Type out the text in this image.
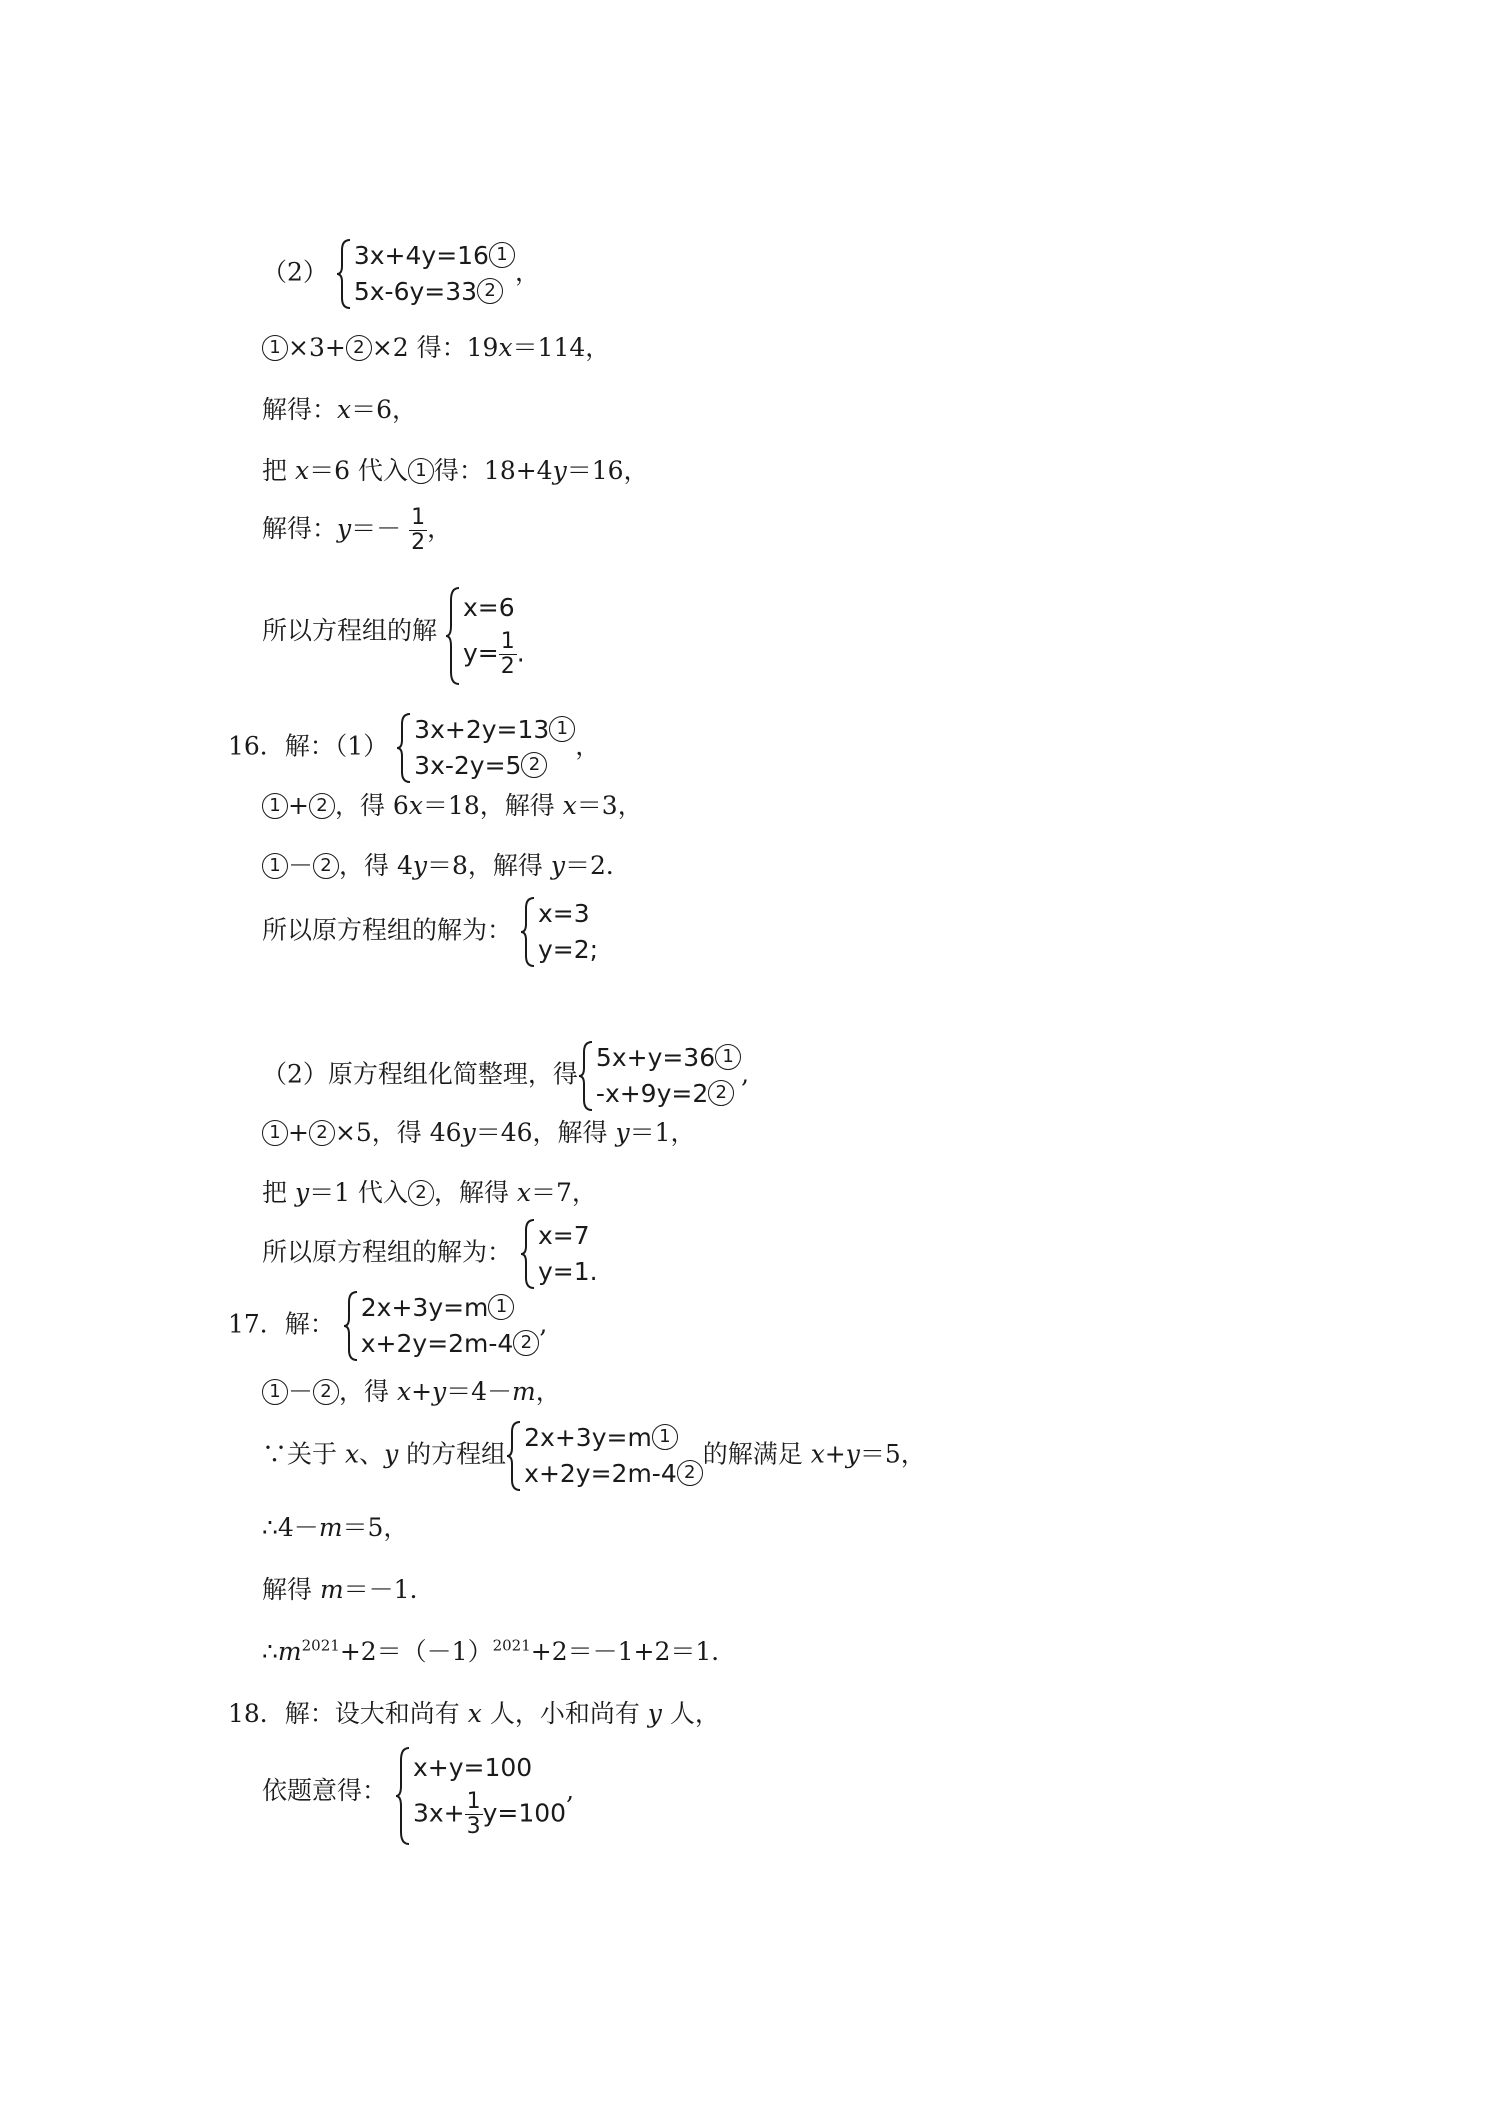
（2）
3x+4y=16 1
5x-6y=33 2
，
1 ×3+ 2 ×2 得：19x＝114，
解得：x＝6，
把 x＝6 代入 1 得：18+4y＝16，
解得：$y=- \frac{1}{2}$ ，
所以方程组的解
x=6
$y= \frac{1}{2}$ .
16．解：（1）
3x+2y=13 1
3x-2y=5 2
，
1 + 2 ，得 6x＝18，解得 x＝3，
1 － 2 ，得 4y＝8，解得 y＝2．
所以原方程组的解为：
x=3
y=2;
（2）原方程组化简整理，得
5x+y=36 1
-x+9y=2 2
,
1 + 2 ×5，得 46y＝46，解得 y＝1，
把 y＝1 代入 2 ，解得 x＝7，
所以原方程组的解为：
x=7
y=1.
17．解：
2x+3y=m 1
x+2y=2m-4 2
,
1 － 2 ，得 x+y＝4－m，
∵关于 x、y 的方程组
2x+3y=m 1
x+2y=2m-4 2
的解满足 x+y＝5，
∴4－m＝5，
解得 m＝－1．
$\therefore m^{2021}+2=(-1)^{2021}+2=-1+2=1$．
18．解：设大和尚有 x 人，小和尚有 y 人，
依题意得：
x+y=100
$3x+ \frac{1}{3} y=100$
,
